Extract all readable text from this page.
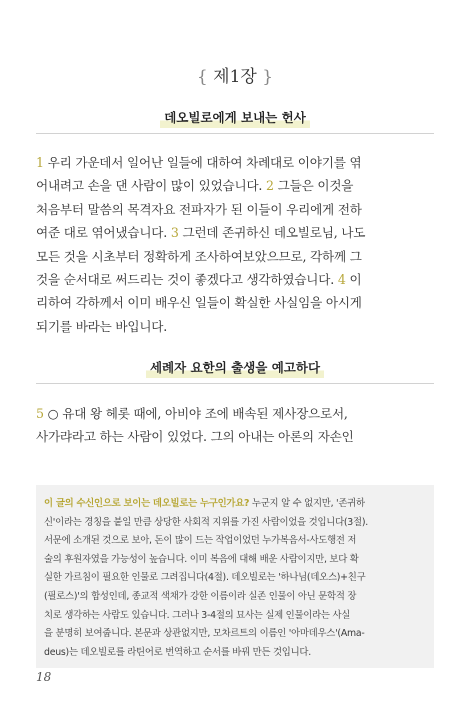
{ 제1장 }
데오빌로에게 보내는 헌사
1 우리 가운데서 일어난 일들에 대하여 차례대로 이야기를 엮
어내려고 손을 댄 사람이 많이 있었습니다. 2 그들은 이것을
처음부터 말씀의 목격자요 전파자가 된 이들이 우리에게 전하
여준 대로 엮어냈습니다. 3 그런데 존귀하신 데오빌로님, 나도
모든 것을 시초부터 정확하게 조사하여보았으므로, 각하께 그
것을 순서대로 써드리는 것이 좋겠다고 생각하였습니다. 4 이
리하여 각하께서 이미 배우신 일들이 확실한 사실임을 아시게
되기를 바라는 바입니다.
세례자 요한의 출생을 예고하다
5 ○ 유대 왕 헤롯 때에, 아비야 조에 배속된 제사장으로서,
사가랴라고 하는 사람이 있었다. 그의 아내는 아론의 자손인
이 글의 수신인으로 보이는 데오빌로는 누구인가요? 누군지 알 수 없지만, '존귀하
신'이라는 경칭을 붙일 만큼 상당한 사회적 지위를 가진 사람이었을 것입니다(3절).
서문에 소개된 것으로 보아, 돈이 많이 드는 작업이었던 누가복음서-사도행전 저
술의 후원자였을 가능성이 높습니다. 이미 복음에 대해 배운 사람이지만, 보다 확
실한 가르침이 필요한 인물로 그려집니다(4절). 데오빌로는 '하나님(데오스)+친구
(필로스)'의 합성인데, 종교적 색채가 강한 이름이라 실존 인물이 아닌 문학적 장
치로 생각하는 사람도 있습니다. 그러나 3-4절의 묘사는 실제 인물이라는 사실
을 분명히 보여줍니다. 본문과 상관없지만, 모차르트의 이름인 '아마데우스'(Ama-
deus)는 데오빌로를 라틴어로 번역하고 순서를 바꿔 만든 것입니다.
18
